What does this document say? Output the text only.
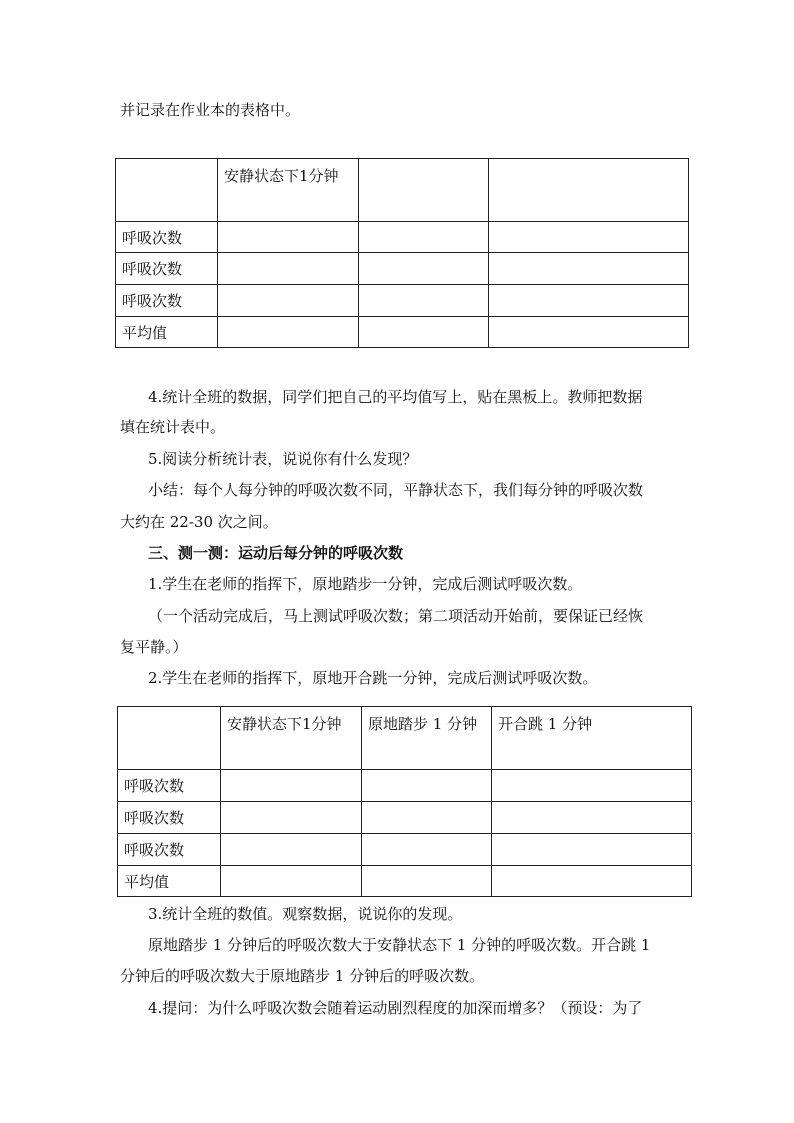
并记录在作业本的表格中。
	安静状态下1分钟		
呼吸次数			
呼吸次数			
呼吸次数			
平均值			
4.统计全班的数据，同学们把自己的平均值写上，贴在黑板上。教师把数据
填在统计表中。
5.阅读分析统计表，说说你有什么发现？
小结：每个人每分钟的呼吸次数不同，平静状态下，我们每分钟的呼吸次数
大约在 22-30 次之间。
三、测一测：运动后每分钟的呼吸次数
1.学生在老师的指挥下，原地踏步一分钟，完成后测试呼吸次数。
（一个活动完成后，马上测试呼吸次数；第二项活动开始前，要保证已经恢
复平静。）
2.学生在老师的指挥下，原地开合跳一分钟，完成后测试呼吸次数。
	安静状态下1分钟	原地踏步 1 分钟	开合跳 1 分钟
呼吸次数			
呼吸次数			
呼吸次数			
平均值			
3.统计全班的数值。观察数据，说说你的发现。
原地踏步 1 分钟后的呼吸次数大于安静状态下 1 分钟的呼吸次数。开合跳 1
分钟后的呼吸次数大于原地踏步 1 分钟后的呼吸次数。
4.提问：为什么呼吸次数会随着运动剧烈程度的加深而增多？（预设：为了
